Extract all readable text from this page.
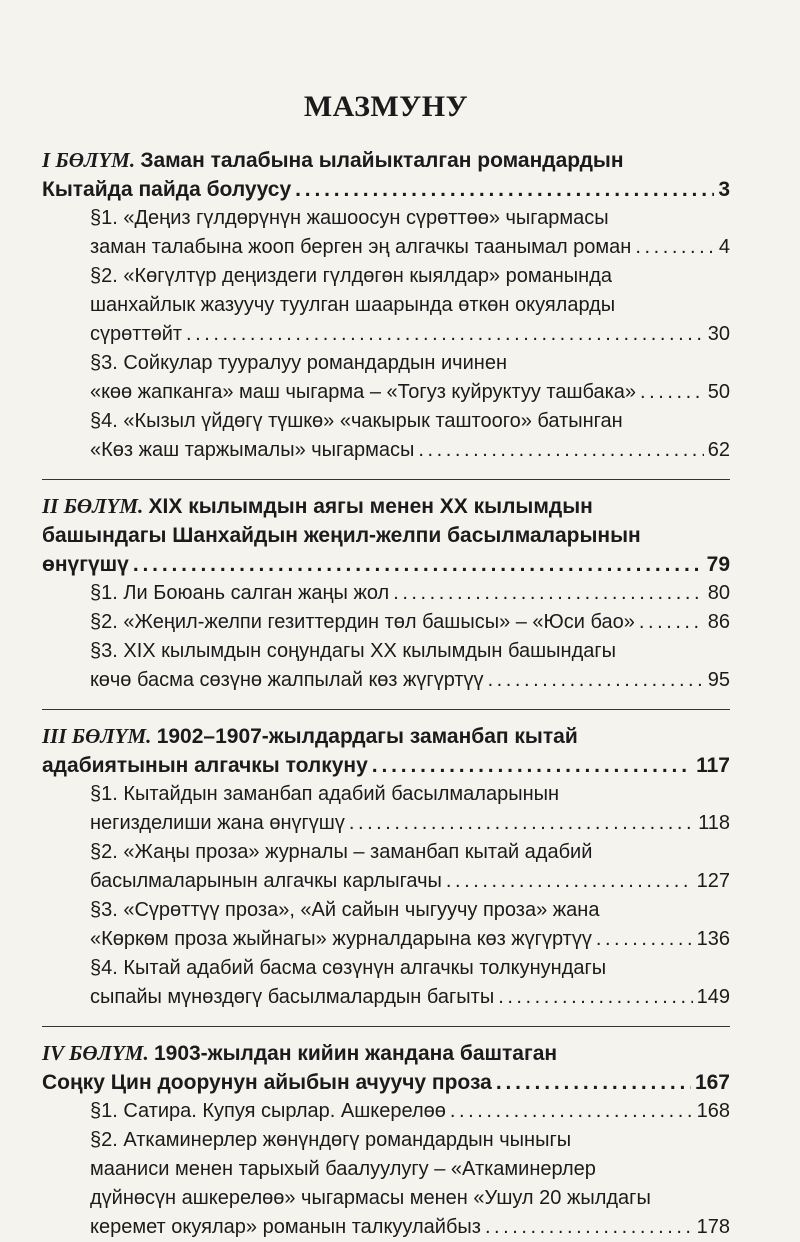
МАЗМУНУ
I БӨЛҮМ. Заман талабына ылайыкталган романдардын
Кытайда пайда болуусу . . .	3
§1. «Деңиз гүлдөрүнүн жашоосун сүрөттөө» чыгармасы
заман талабына жооп берген эң алгачкы таанымал роман . . .	4
§2. «Көгүлтүр деңиздеги гүлдөгөн кыялдар» романында
шанхайлык жазуучу туулган шаарында өткөн окуяларды
сүрөттөйт . . .	30
§3. Сойкулар тууралуу романдардын ичинен
«көө жапканга» маш чыгарма – «Тогуз куйруктуу ташбака» . . .	50
§4. «Кызыл үйдөгү түшкө» «чакырык таштоого» батынган
«Көз жаш таржымалы» чыгармасы . . .	62
II БӨЛҮМ. XIX кылымдын аягы менен XX кылымдын
башындагы Шанхайдын жеңил-желпи басылмаларынын
өнүгүшү . . .	79
§1. Ли Боюань салган жаңы жол . . .	80
§2. «Жеңил-желпи гезиттердин төл башысы» – «Юси бао» . . .	86
§3. XIX кылымдын соңундагы XX кылымдын башындагы
көчө басма сөзүнө жалпылай көз жүгүртүү . . .	95
III БӨЛҮМ. 1902–1907-жылдардагы заманбап кытай
адабиятынын алгачкы толкуну . . .	117
§1. Кытайдын заманбап адабий басылмаларынын
негизделиши жана өнүгүшү . . .	118
§2. «Жаңы проза» журналы – заманбап кытай адабий
басылмаларынын алгачкы карлыгачы . . .	127
§3. «Сүрөттүү проза», «Ай сайын чыгуучу проза» жана
«Көркөм проза жыйнагы» журналдарына көз жүгүртүү . . .	136
§4. Кытай адабий басма сөзүнүн алгачкы толкунундагы
сыпайы мүнөздөгү басылмалардын багыты . . .	149
IV БӨЛҮМ. 1903-жылдан кийин жандана баштаган
Соңку Цин доорунун айыбын ачуучу проза . . .	167
§1. Сатира. Купуя сырлар. Ашкерелөө . . .	168
§2. Аткаминерлер жөнүндөгү романдардын чыныгы
мааниси менен тарыхый баалуулугу – «Аткаминерлер
дүйнөсүн ашкерелөө» чыгармасы менен «Ушул 20 жылдагы
керемет окуялар» романын талкуулайбыз . . .	178
